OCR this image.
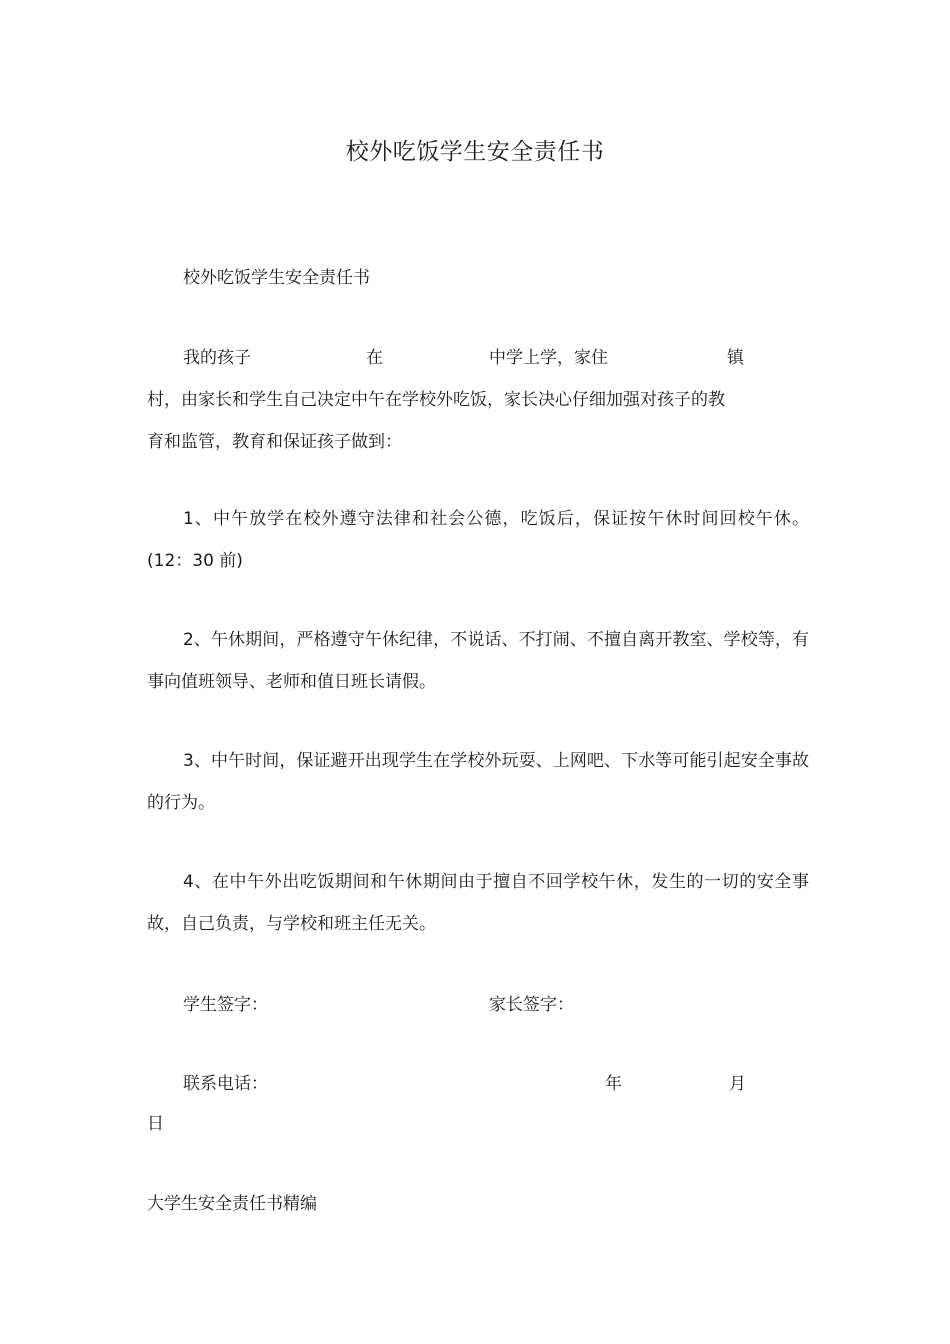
校外吃饭学生安全责任书
校外吃饭学生安全责任书
我的孩子	在	中学上学，家住	镇
村，由家长和学生自己决定中午在学校外吃饭，家长决心仔细加强对孩子的教
育和监管，教育和保证孩子做到：
1、中午放学在校外遵守法律和社会公德，吃饭后，保证按午休时间回校午休。(12：30 前)
2、午休期间，严格遵守午休纪律，不说话、不打闹、不擅自离开教室、学校等，有事向值班领导、老师和值日班长请假。
3、中午时间，保证避开出现学生在学校外玩耍、上网吧、下水等可能引起安全事故的行为。
4、在中午外出吃饭期间和午休期间由于擅自不回学校午休，发生的一切的安全事故，自己负责，与学校和班主任无关。
学生签字：	家长签字：
联系电话：	年	月
日
大学生安全责任书精编
